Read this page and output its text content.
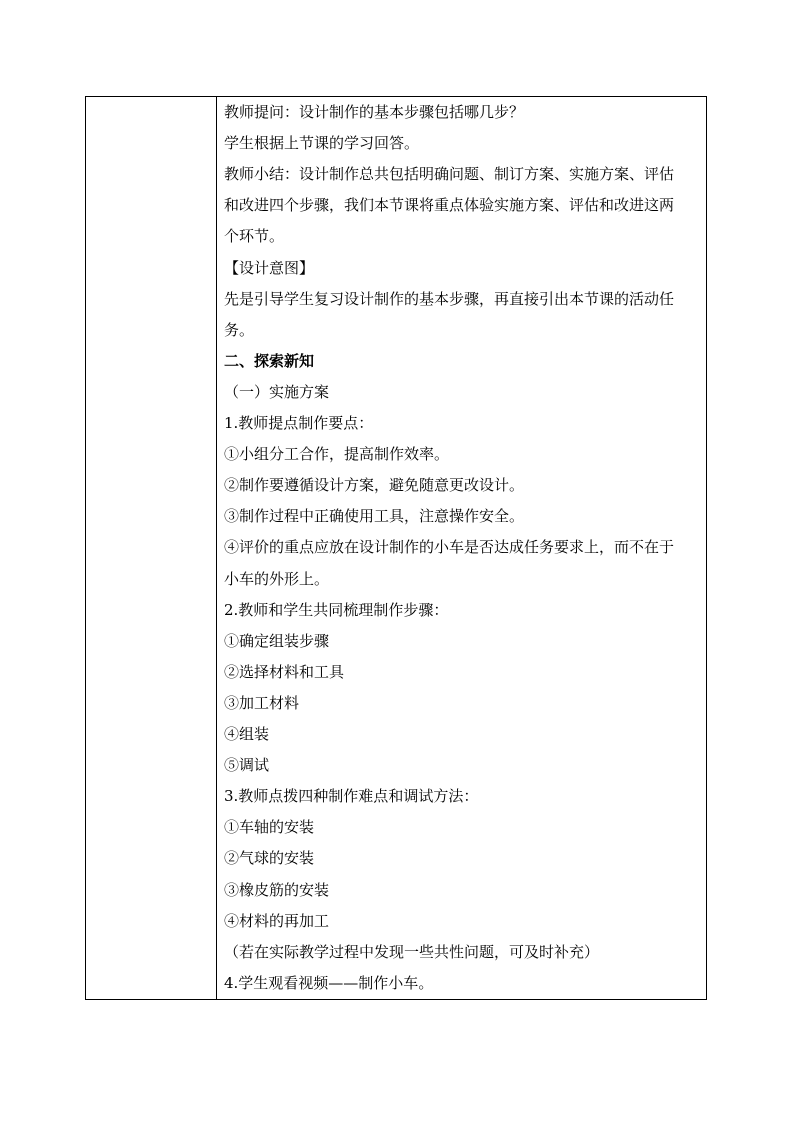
教师提问：设计制作的基本步骤包括哪几步？
学生根据上节课的学习回答。
教师小结：设计制作总共包括明确问题、制订方案、实施方案、评估
和改进四个步骤，我们本节课将重点体验实施方案、评估和改进这两
个环节。
【设计意图】
先是引导学生复习设计制作的基本步骤，再直接引出本节课的活动任
务。
二、探索新知
（一）实施方案
1.教师提点制作要点：
①小组分工合作，提高制作效率。
②制作要遵循设计方案，避免随意更改设计。
③制作过程中正确使用工具，注意操作安全。
④评价的重点应放在设计制作的小车是否达成任务要求上，而不在于
小车的外形上。
2.教师和学生共同梳理制作步骤：
①确定组装步骤
②选择材料和工具
③加工材料
④组装
⑤调试
3.教师点拨四种制作难点和调试方法：
①车轴的安装
②气球的安装
③橡皮筋的安装
④材料的再加工
（若在实际教学过程中发现一些共性问题，可及时补充）
4.学生观看视频——制作小车。
